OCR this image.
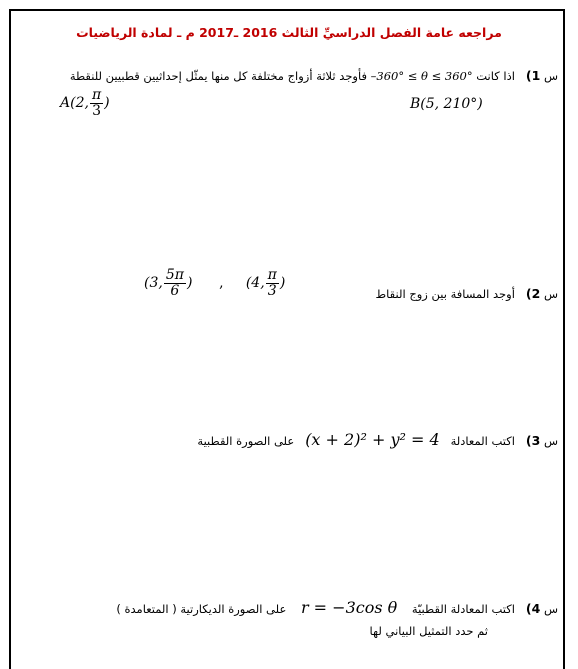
مراجعه عامة الفصل الدراسيِّ الثالث 2016 ـ2017 م ـ لمادة الرياضيات
س 1)   اذا كانت –360° ≤ θ ≤ 360° فأوجد ثلاثة أزواج مختلفة كل منها يمثّل إحداثيين قطبيين للنقطة
B(5, 210°)
A(2, $\frac{\pi}{3}$ )
س 2)   أوجد المسافة بين زوج النقاط
(3, $\frac{5\pi}{6}$ ) , (4, $\frac{\pi}{3}$ )
س 3)   اكتب المعادلة   (x + 2)² + y² = 4   على الصورة القطبية
س 4)   اكتب المعادلة القطبيّة    r = −3cos θ    على الصورة الديكارتية ( المتعامدة )
ثم حدد التمثيل البياني لها
